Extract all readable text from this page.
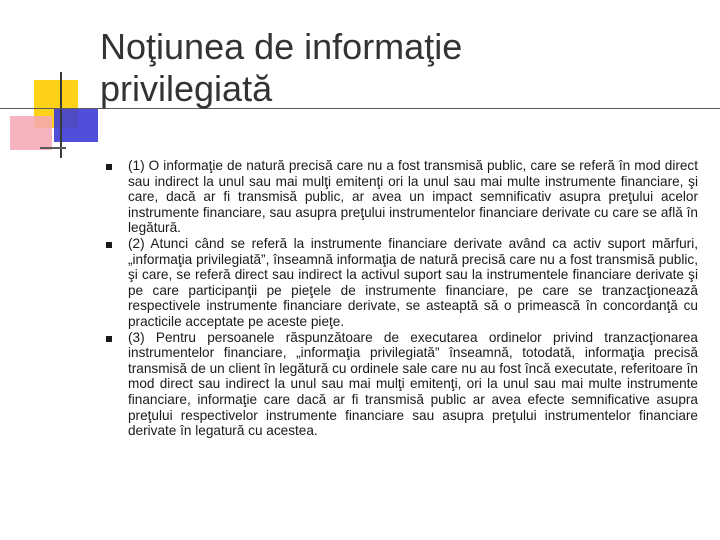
Noţiunea de informaţie
privilegiată
(1) O informaţie de natură precisă care nu a fost transmisă public, care se referă în mod direct sau indirect la unul sau mai mulţi emitenţi ori la unul sau mai multe instrumente financiare, şi care, dacă ar fi transmisă public, ar avea un impact semnificativ asupra preţului acelor instrumente financiare, sau asupra preţului instrumentelor financiare derivate cu care se află în legătură.
(2) Atunci când se referă la instrumente financiare derivate având ca activ suport mărfuri, „informaţia privilegiată”, înseamnă informaţia de natură precisă care nu a fost transmisă public, şi care, se referă direct sau indirect la activul suport sau la instrumentele financiare derivate şi pe care participanţii pe pieţele de instrumente financiare, pe care se tranzacţionează respectivele instrumente financiare derivate, se asteaptă să o primească în concordanţă cu practicile acceptate pe aceste pieţe.
(3) Pentru persoanele răspunzătoare de executarea ordinelor privind tranzacţionarea instrumentelor financiare, „informaţia privilegiată” înseamnă, totodată, informaţia precisă transmisă de un client în legătură cu ordinele sale care nu au fost încă executate, referitoare în mod direct sau indirect la unul sau mai mulţi emitenţi, ori la unul sau mai multe instrumente financiare, informaţie care dacă ar fi transmisă public ar avea efecte semnificative asupra preţului respectivelor instrumente financiare sau asupra preţului instrumentelor financiare derivate în legatură cu acestea.
